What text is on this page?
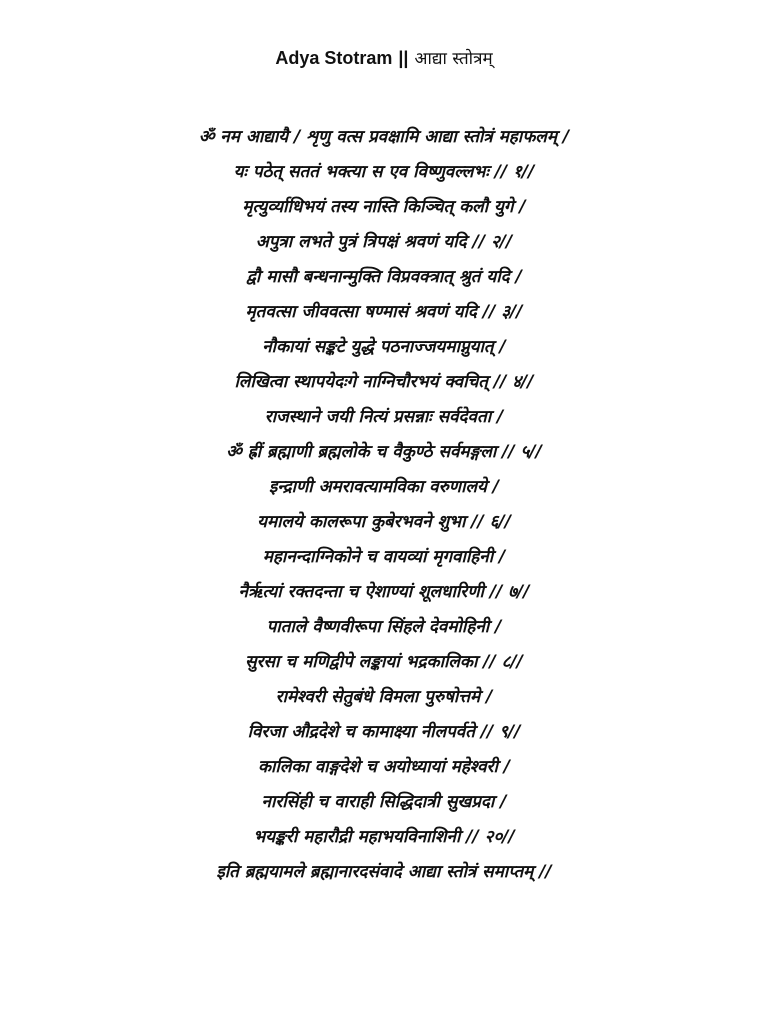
Adya Stotram || आद्या स्तोत्रम्
ॐ नम आद्यायै / शृणु वत्स प्रवक्षामि आद्या स्तोत्रं महाफलम् /
यः पठेत् सततं भक्त्या स एव विष्णुवल्लभः // १//
मृत्युर्व्याधिभयं तस्य नास्ति किञ्चित् कलौ युगे /
अपुत्रा लभते पुत्रं त्रिपक्षं श्रवणं यदि // २//
द्वौ मासौ बन्धनान्मुक्ति विप्रवक्त्रात् श्रुतं यदि /
मृतवत्सा जीववत्सा षण्मासं श्रवणं यदि // ३//
नौकायां सङ्कटे युद्धे पठनाज्जयमाप्नुयात् /
लिखित्वा स्थापयेदःगे नाग्निचौरभयं क्वचित् // ४//
राजस्थाने जयी नित्यं प्रसन्नाः सर्वदेवता /
ॐ ह्रीं ब्रह्माणी ब्रह्मलोके च वैकुण्ठे सर्वमङ्गला // ५//
इन्द्राणी अमरावत्यामविका वरुणालये /
यमालये कालरूपा कुबेरभवने शुभा // ६//
महानन्दाग्निकोने च वायव्यां मृगवाहिनी /
नैरृत्यां रक्तदन्ता च ऐशाण्यां शूलधारिणी // ७//
पाताले वैष्णवीरूपा सिंहले देवमोहिनी /
सुरसा च मणिद्वीपे लङ्कायां भद्रकालिका // ८//
रामेश्वरी सेतुबंधे विमला पुरुषोत्तमे /
विरजा औद्रदेशे च कामाक्ष्या नीलपर्वते // ९//
कालिका वाङ्गदेशे च अयोध्यायां महेश्वरी /
नारसिंही च वाराही सिद्धिदात्री सुखप्रदा /
भयङ्करी महारौद्री महाभयविनाशिनी // २०//
इति ब्रह्मयामले ब्रह्मानारदसंवादे आद्या स्तोत्रं समाप्तम् //
